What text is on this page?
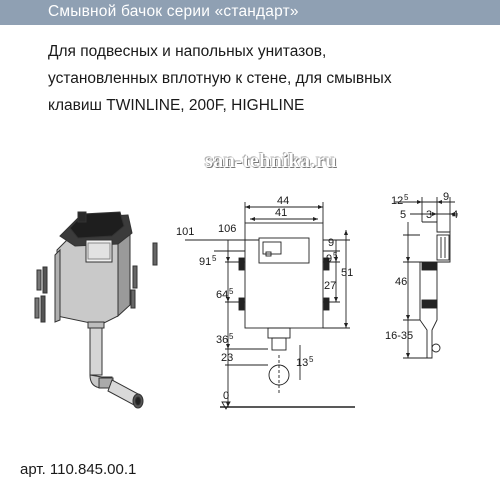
Смывной бачок серии «стандарт»
Для подвесных и напольных унитазов,
установленных вплотную к стене, для смывных
клавиш TWINLINE, 200F, HIGHLINE
44
41
101 106
91 5
64 5
9
9 5
27
51
36 5
23	13 5
0
12 5	9
5 3 4
46
16-35
san-tehnika.ru
арт. 110.845.00.1
